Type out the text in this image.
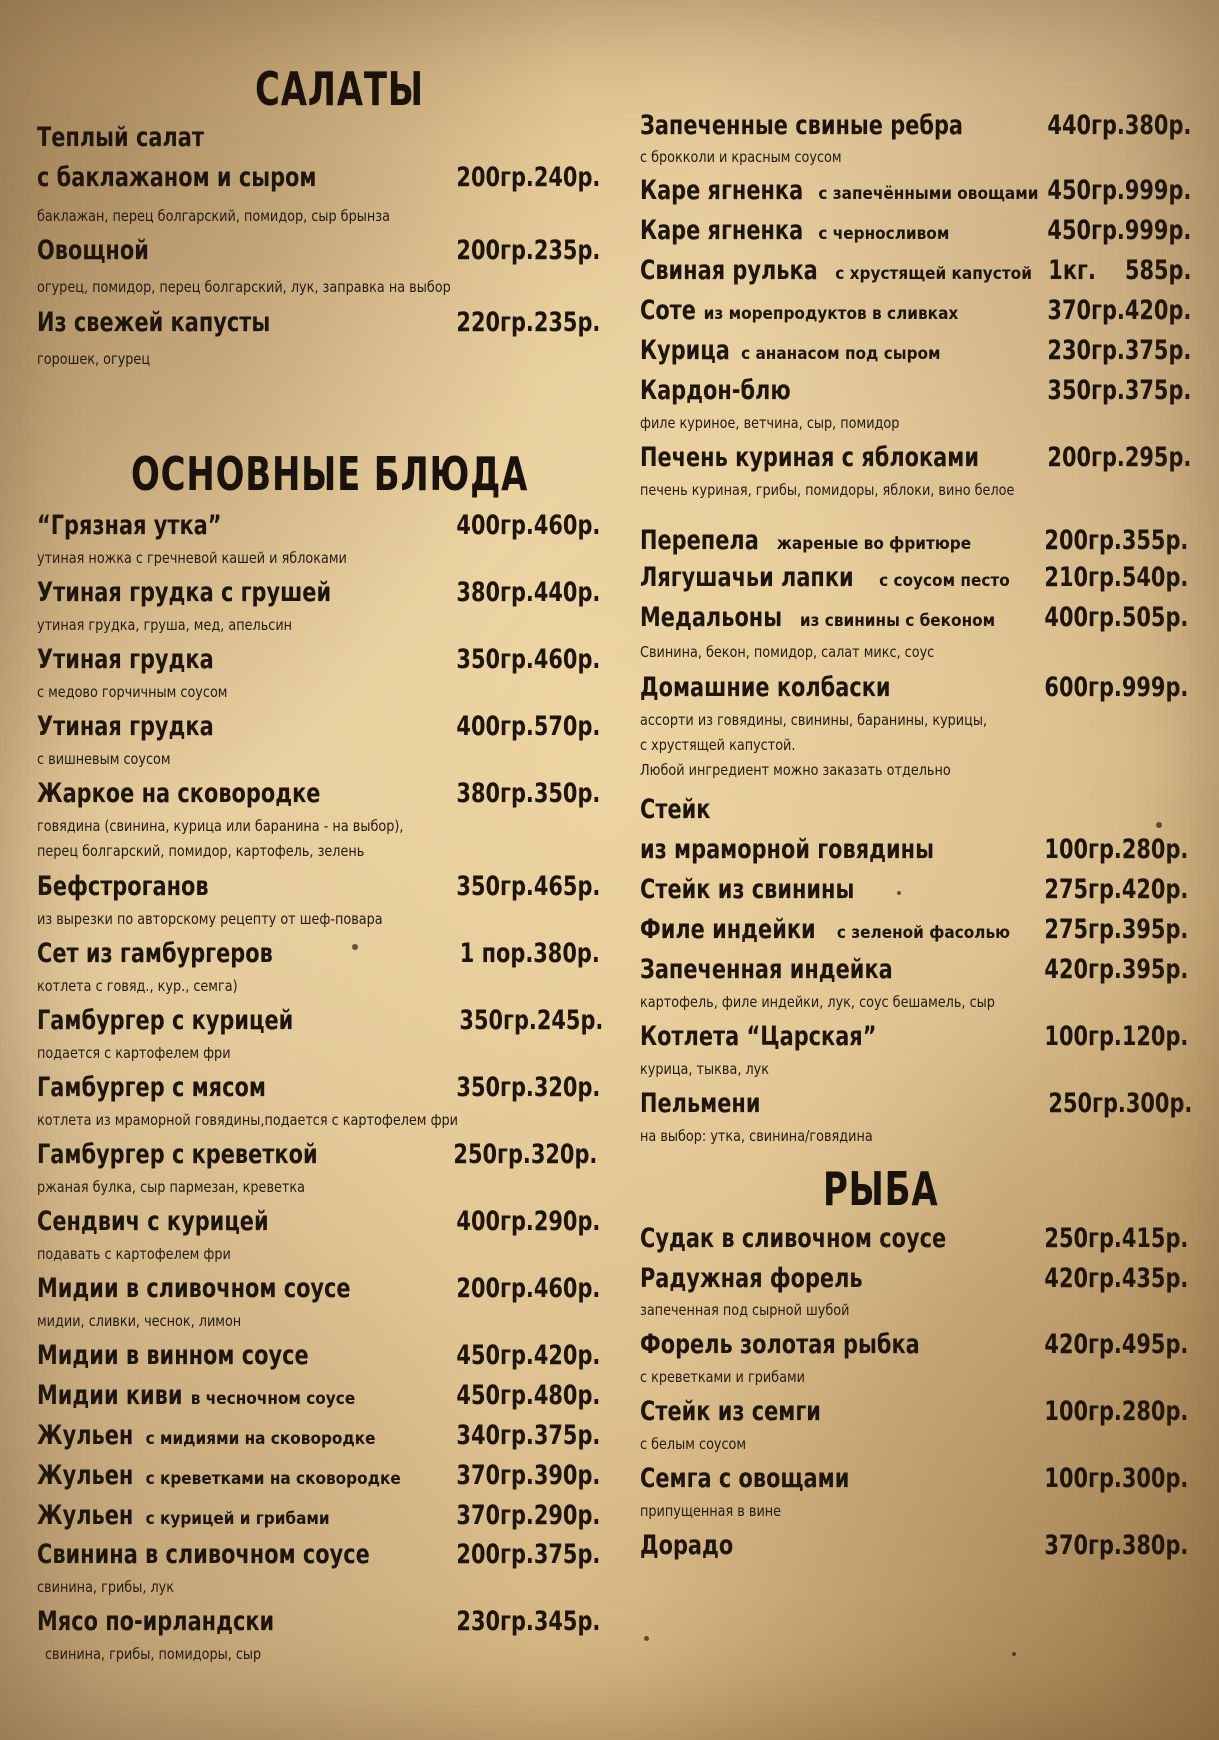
САЛАТЫ
Теплый салат
с баклажаном и сыром	200гр.240р.
баклажан, перец болгарский, помидор, сыр брынза
Овощной	200гр.235р.
огурец, помидор, перец болгарский, лук, заправка на выбор
Из свежей капусты	220гр.235р.
горошек, огурец
ОСНОВНЫЕ БЛЮДА
“Грязная утка”	400гр.460р.
утиная ножка с гречневой кашей и яблоками
Утиная грудка с грушей	380гр.440р.
утиная грудка, груша, мед, апельсин
Утиная грудка	350гр.460р.
с медово горчичным соусом
Утиная грудка	400гр.570р.
с вишневым соусом
Жаркое на сковородке	380гр.350р.
говядина (свинина, курица или баранина - на выбор),
перец болгарский, помидор, картофель, зелень
Бефстроганов	350гр.465р.
из вырезки по авторскому рецепту от шеф-повара
Сет из гамбургеров	1 пор.380р.
котлета с говяд., кур., семга)
Гамбургер с курицей	350гр.245р.
подается с картофелем фри
Гамбургер с мясом	350гр.320р.
котлета из мраморной говядины,подается с картофелем фри
Гамбургер с креветкой	250гр.320р.
ржаная булка, сыр пармезан, креветка
Сендвич с курицей	400гр.290р.
подавать с картофелем фри
Мидии в сливочном соусе	200гр.460р.
мидии, сливки, чеснок, лимон
Мидии в винном соусе	450гр.420р.
Мидии киви в чесночном соусе	450гр.480р.
Жульен с мидиями на сковородке	340гр.375р.
Жульен с креветками на сковородке 370гр.390р.
Жульен с курицей и грибами	370гр.290р.
Свинина в сливочном соусе	200гр.375р.
свинина, грибы, лук
Мясо по-ирландски	230гр.345р.
свинина, грибы, помидоры, сыр
Запеченные свиные ребра	440гр.380р.
с брокколи и красным соусом
Каре ягненка с запечёнными овощами 450гр.999р.
Каре ягненка с черносливом	450гр.999р.
Свиная рулька с хрустящей капустой 1кг.    585р.
Соте из морепродуктов в сливках	370гр.420р.
Курица с ананасом под сыром	230гр.375р.
Кардон-блю	350гр.375р.
филе куриное, ветчина, сыр, помидор
Печень куриная с яблоками	200гр.295р.
печень куриная, грибы, помидоры, яблоки, вино белое
Перепела жареные во фритюре	200гр.355р.
Лягушачьи лапки с соусом песто 210гр.540р.
Медальоны из свинины с беконом 400гр.505р.
Свинина, бекон, помидор, салат микс, соус
Домашние колбаски	600гр.999р.
ассорти из говядины, свинины, баранины, курицы,
с хрустящей капустой.
Любой ингредиент можно заказать отдельно
Стейк
из мраморной говядины	100гр.280р.
Стейк из свинины	275гр.420р.
Филе индейки с зеленой фасолью 275гр.395р.
Запеченная индейка	420гр.395р.
картофель, филе индейки, лук, соус бешамель, сыр
Котлета “Царская”	100гр.120р.
курица, тыква, лук
Пельмени	250гр.300р.
на выбор: утка, свинина/говядина
РЫБА
Судак в сливочном соусе	250гр.415р.
Радужная форель	420гр.435р.
запеченная под сырной шубой
Форель золотая рыбка	420гр.495р.
с креветками и грибами
Стейк из семги	100гр.280р.
с белым соусом
Семга с овощами	100гр.300р.
припущенная в вине
Дорадо	370гр.380р.
